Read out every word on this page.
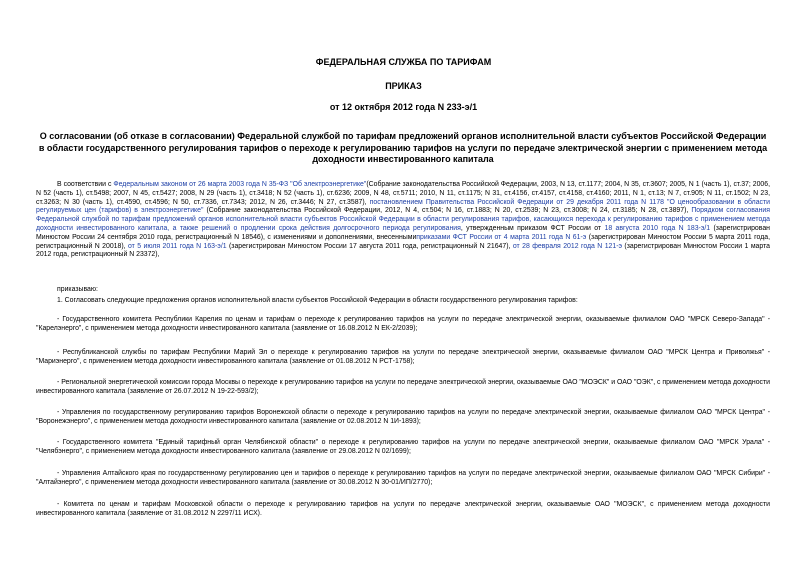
ФЕДЕРАЛЬНАЯ СЛУЖБА ПО ТАРИФАМ
ПРИКАЗ
от 12 октября 2012 года N 233-э/1
О согласовании (об отказе в согласовании) Федеральной службой по тарифам предложений органов исполнительной власти субъектов Российской Федерации в области государственного регулирования тарифов о переходе к регулированию тарифов на услуги по передаче электрической энергии с применением метода доходности инвестированного капитала
В соответствии с Федеральным законом от 26 марта 2003 года N 35-ФЗ "Об электроэнергетике"(Собрание законодательства Российской Федерации, 2003, N 13, ст.1177; 2004, N 35, ст.3607; 2005, N 1 (часть 1), ст.37; 2006, N 52 (часть 1), ст.5498; 2007, N 45, ст.5427; 2008, N 29 (часть 1), ст.3418; N 52 (часть 1), ст.6236; 2009, N 48, ст.5711; 2010, N 11, ст.1175; N 31, ст.4156, ст.4157, ст.4158, ст.4160; 2011, N 1, ст.13; N 7, ст.905; N 11, ст.1502; N 23, ст.3263; N 30 (часть 1), ст.4590, ст.4596; N 50, ст.7336, ст.7343; 2012, N 26, ст.3446; N 27, ст.3587), постановлением Правительства Российской Федерации от 29 декабря 2011 года N 1178 "О ценообразовании в области регулируемых цен (тарифов) в электроэнергетике" (Собрание законодательства Российской Федерации, 2012, N 4, ст.504; N 16, ст.1883; N 20, ст.2539; N 23, ст.3008; N 24, ст.3185; N 28, ст.3897), Порядком согласования Федеральной службой по тарифам предложений органов исполнительной власти субъектов Российской Федерации в области регулирования тарифов, касающихся перехода к регулированию тарифов с применением метода доходности инвестированного капитала, а также решений о продлении срока действия долгосрочного периода регулирования, утвержденным приказом ФСТ России от 18 августа 2010 года N 183-э/1 (зарегистрирован Минюстом России 24 сентября 2010 года, регистрационный N 18546), с изменениями и дополнениями, внесеннымиприказами ФСТ России от 4 марта 2011 года N 61-э (зарегистрирован Минюстом России 5 марта 2011 года, регистрационный N 20018), от 5 июля 2011 года N 163-э/1 (зарегистрирован Минюстом России 17 августа 2011 года, регистрационный N 21647), от 28 февраля 2012 года N 121-э (зарегистрирован Минюстом России 1 марта 2012 года, регистрационный N 23372),
приказываю:
1. Согласовать следующие предложения органов исполнительной власти субъектов Российской Федерации в области государственного регулирования тарифов:
- Государственного комитета Республики Карелия по ценам и тарифам о переходе к регулированию тарифов на услуги по передаче электрической энергии, оказываемые филиалом ОАО "МРСК Северо-Запада" - "Карелэнерго", с применением метода доходности инвестированного капитала (заявление от 16.08.2012 N ЕК-2/2039);
- Республиканской службы по тарифам Республики Марий Эл о переходе к регулированию тарифов на услуги по передаче электрической энергии, оказываемые филиалом ОАО "МРСК Центра и Приволжья" - "Мариэнерго", с применением метода доходности инвестированного капитала (заявление от 01.08.2012 N РСТ-1758);
- Региональной энергетической комиссии города Москвы о переходе к регулированию тарифов на услуги по передаче электрической энергии, оказываемые ОАО "МОЭСК" и ОАО "ОЭК", с применением метода доходности инвестированного капитала (заявление от 26.07.2012 N 19-22-593/2);
- Управления по государственному регулированию тарифов Воронежской области о переходе к регулированию тарифов на услуги по передаче электрической энергии, оказываемые филиалом ОАО "МРСК Центра" - "Воронежэнерго", с применением метода доходности инвестированного капитала (заявление от 02.08.2012 N 1И-1893);
- Государственного комитета "Единый тарифный орган Челябинской области" о переходе к регулированию тарифов на услуги по передаче электрической энергии, оказываемые филиалом ОАО "МРСК Урала" - "Челябэнерго", с применением метода доходности инвестированного капитала (заявление от 29.08.2012 N 02/1699);
- Управления Алтайского края по государственному регулированию цен и тарифов о переходе к регулированию тарифов на услуги по передаче электрической энергии, оказываемые филиалом ОАО "МРСК Сибири" - "Алтайэнерго", с применением метода доходности инвестированного капитала (заявление от 30.08.2012 N 30-01/ИП/2770);
- Комитета по ценам и тарифам Московской области о переходе к регулированию тарифов на услуги по передаче электрической энергии, оказываемые ОАО "МОЭСК", с применением метода доходности инвестированного капитала (заявление от 31.08.2012 N 2297/11 ИСХ).
